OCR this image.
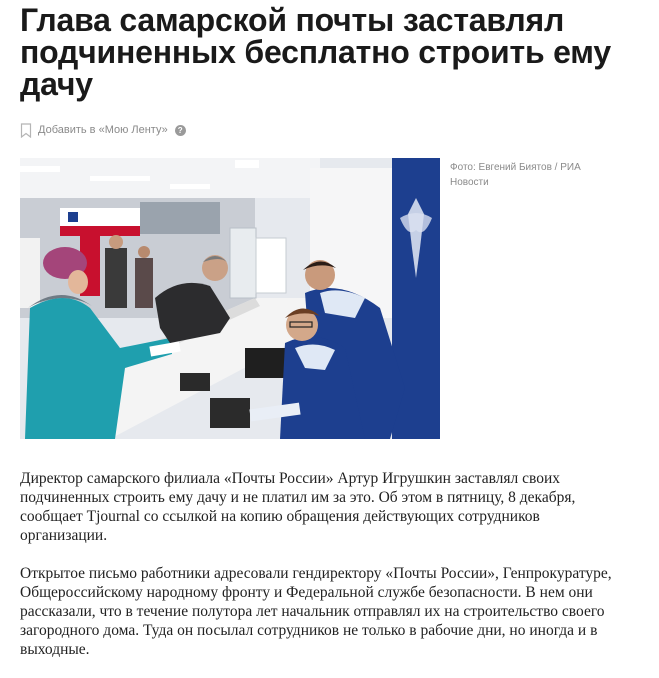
Глава самарской почты заставлял подчиненных бесплатно строить ему дачу
Добавить в «Мою Ленту»	?
Фото: Евгений Биятов / РИА Новости

Директор самарского филиала «Почты России» Артур Игрушкин заставлял своих подчиненных строить ему дачу и не платил им за это. Об этом в пятницу, 8 декабря, сообщает Tjournal со ссылкой на копию обращения действующих сотрудников организации.

Открытое письмо работники адресовали гендиректору «Почты России», Генпрокуратуре, Общероссийскому народному фронту и Федеральной службе безопасности. В нем они рассказали, что в течение полутора лет начальник отправлял их на строительство своего загородного дома. Туда он посылал сотрудников не только в рабочие дни, но иногда и в выходные.
